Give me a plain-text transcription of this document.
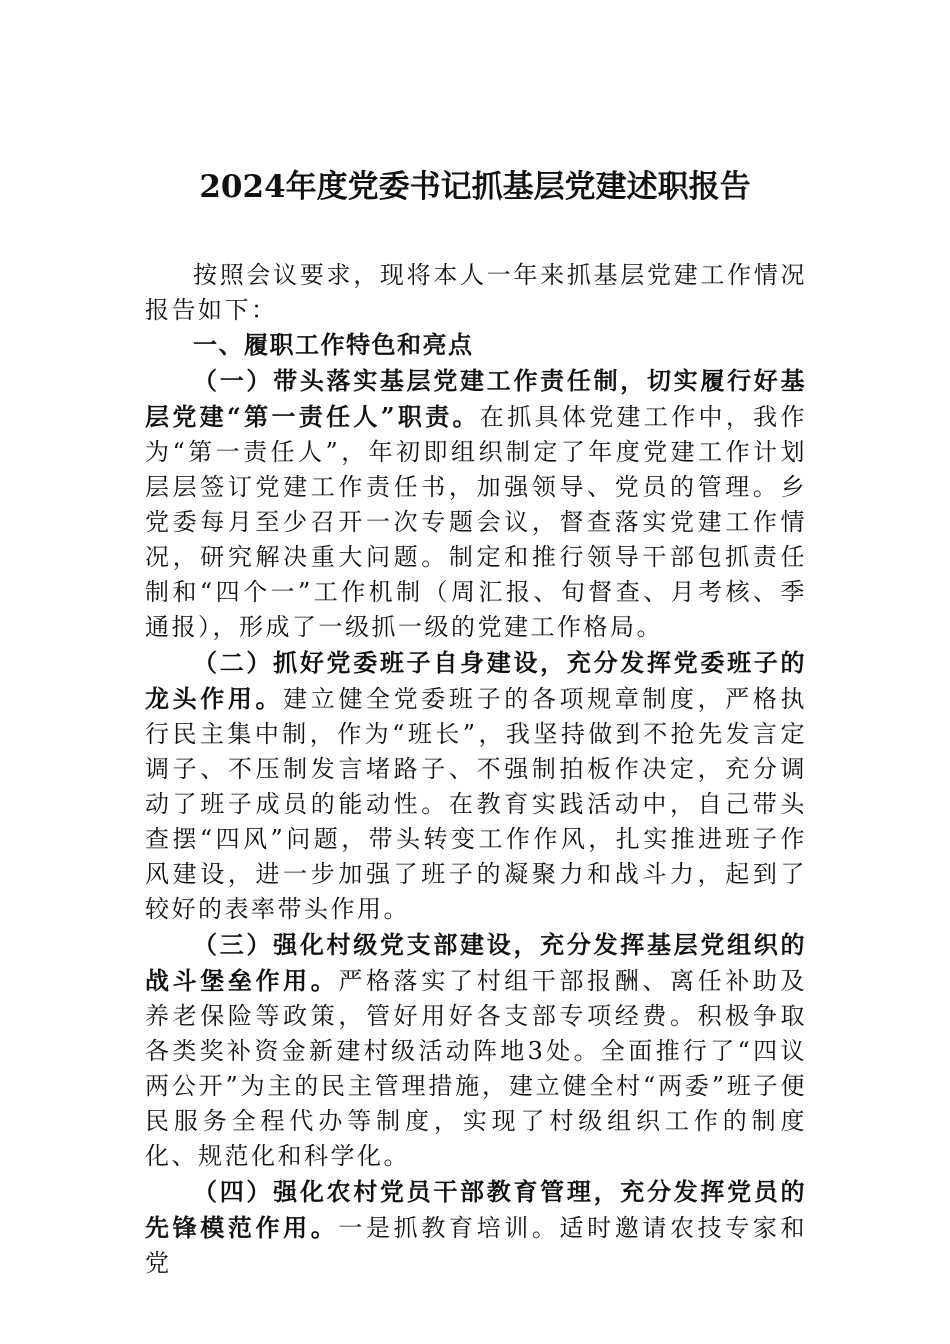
2024年度党委书记抓基层党建述职报告

按照会议要求，现将本人一年来抓基层党建工作情况报告如下：

一、履职工作特色和亮点

（一）带头落实基层党建工作责任制，切实履行好基层党建“第一责任人”职责。在抓具体党建工作中，我作为“第一责任人”，年初即组织制定了年度党建工作计划层层签订党建工作责任书，加强领导、党员的管理。乡党委每月至少召开一次专题会议，督查落实党建工作情况，研究解决重大问题。制定和推行领导干部包抓责任制和“四个一”工作机制（周汇报、旬督查、月考核、季通报），形成了一级抓一级的党建工作格局。

（二）抓好党委班子自身建设，充分发挥党委班子的龙头作用。建立健全党委班子的各项规章制度，严格执行民主集中制，作为“班长”，我坚持做到不抢先发言定调子、不压制发言堵路子、不强制拍板作决定，充分调动了班子成员的能动性。在教育实践活动中，自己带头查摆“四风”问题，带头转变工作作风，扎实推进班子作风建设，进一步加强了班子的凝聚力和战斗力，起到了较好的表率带头作用。

（三）强化村级党支部建设，充分发挥基层党组织的战斗堡垒作用。严格落实了村组干部报酬、离任补助及养老保险等政策，管好用好各支部专项经费。积极争取各类奖补资金新建村级活动阵地3处。全面推行了“四议两公开”为主的民主管理措施，建立健全村“两委”班子便民服务全程代办等制度，实现了村级组织工作的制度化、规范化和科学化。

（四）强化农村党员干部教育管理，充分发挥党员的先锋模范作用。一是抓教育培训。适时邀请农技专家和党
